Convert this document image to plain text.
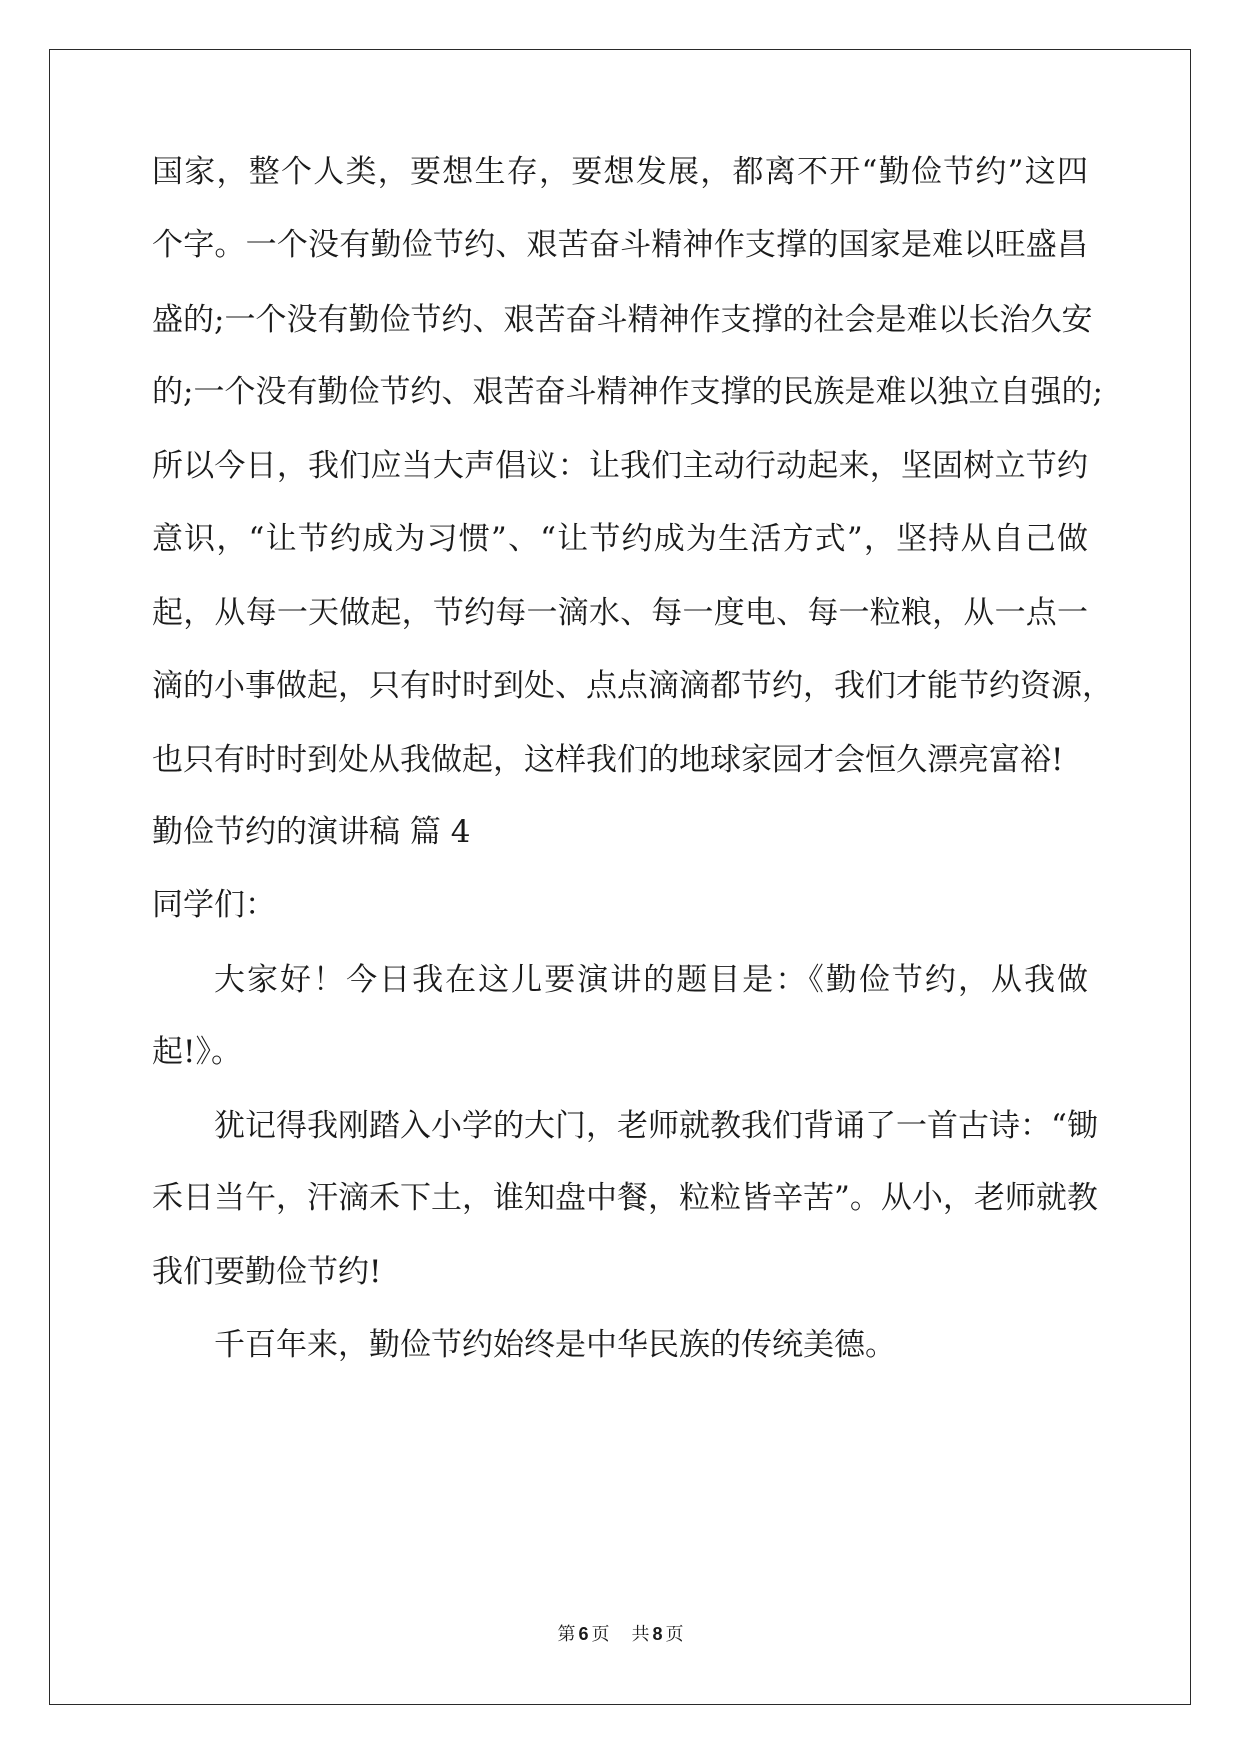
国家，整个人类，要想生存，要想发展，都离不开“勤俭节约”这四
个字。一个没有勤俭节约、艰苦奋斗精神作支撑的国家是难以旺盛昌
盛的;一个没有勤俭节约、艰苦奋斗精神作支撑的社会是难以长治久安
的;一个没有勤俭节约、艰苦奋斗精神作支撑的民族是难以独立自强的;
所以今日，我们应当大声倡议：让我们主动行动起来，坚固树立节约
意识，“让节约成为习惯”、“让节约成为生活方式”，坚持从自己做
起，从每一天做起，节约每一滴水、每一度电、每一粒粮，从一点一
滴的小事做起，只有时时到处、点点滴滴都节约，我们才能节约资源，
也只有时时到处从我做起，这样我们的地球家园才会恒久漂亮富裕!
勤俭节约的演讲稿 篇 4
同学们：
大家好！今日我在这儿要演讲的题目是：《勤俭节约，从我做
起!》。
犹记得我刚踏入小学的大门，老师就教我们背诵了一首古诗：“锄
禾日当午，汗滴禾下土，谁知盘中餐，粒粒皆辛苦”。从小，老师就教
我们要勤俭节约!
千百年来，勤俭节约始终是中华民族的传统美德。
第 6 页 共 8 页
